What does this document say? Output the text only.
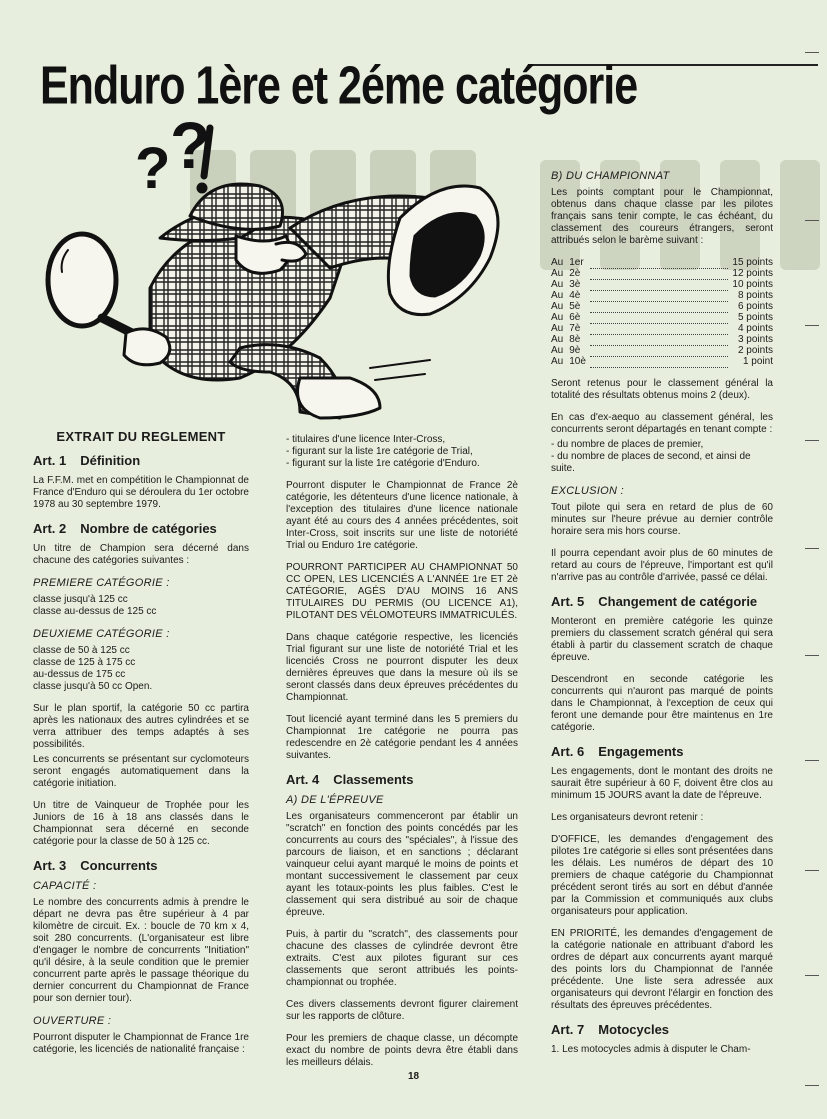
Enduro 1ère et 2éme catégorie
? ?
EXTRAIT DU REGLEMENT
Art. 1 Définition

La F.F.M. met en compétition le Championnat de France d'Enduro qui se déroulera du 1er octobre 1978 au 30 septembre 1979.

Art. 2 Nombre de catégories

Un titre de Champion sera décerné dans chacune des catégories suivantes :

PREMIERE CATÉGORIE :
classe jusqu'à 125 cc
classe au-dessus de 125 cc
DEUXIEME CATÉGORIE :
classe de 50 à 125 cc
classe de 125 à 175 cc
au-dessus de 175 cc
classe jusqu'à 50 cc Open.

Sur le plan sportif, la catégorie 50 cc partira après les nationaux des autres cylindrées et se verra attribuer des temps adaptés à ses possibilités.

Les concurrents se présentant sur cyclomoteurs seront engagés automatiquement dans la catégorie initiation.

Un titre de Vainqueur de Trophée pour les Juniors de 16 à 18 ans classés dans le Championnat sera décerné en seconde catégorie pour la classe de 50 à 125 cc.

Art. 3 Concurrents
CAPACITÉ :

Le nombre des concurrents admis à prendre le départ ne devra pas être supérieur à 4 par kilomètre de circuit. Ex. : boucle de 70 km x 4, soit 280 concurrents. (L'organisateur est libre d'engager le nombre de concurrents "Initiation" qu'il désire, à la seule condition que le premier concurrent parte après le passage théorique du dernier concurrent du Championnat de France pour son dernier tour).

OUVERTURE :

Pourront disputer le Championnat de France 1re catégorie, les licenciés de nationalité française :

- titulaires d'une licence Inter-Cross,
- figurant sur la liste 1re catégorie de Trial,
- figurant sur la liste 1re catégorie d'Enduro.

Pourront disputer le Championnat de France 2è catégorie, les détenteurs d'une licence nationale, à l'exception des titulaires d'une licence nationale ayant été au cours des 4 années précédentes, soit Inter-Cross, soit inscrits sur une liste de notoriété Trial ou Enduro 1re catégorie.

POURRONT PARTICIPER AU CHAMPIONNAT 50 CC OPEN, LES LICENCIÉS A L'ANNÉE 1re ET 2è CATÉGORIE, AGÉS D'AU MOINS 16 ANS TITULAIRES DU PERMIS (OU LICENCE A1), PILOTANT DES VÉLOMOTEURS IMMATRICULÉS.

Dans chaque catégorie respective, les licenciés Trial figurant sur une liste de notoriété Trial et les licenciés Cross ne pourront disputer les deux dernières épreuves que dans la mesure où ils se seront classés dans deux épreuves précédentes du Championnat.

Tout licencié ayant terminé dans les 5 premiers du Championnat 1re catégorie ne pourra pas redescendre en 2è catégorie pendant les 4 années suivantes.

Art. 4 Classements
A) DE L'ÉPREUVE

Les organisateurs commenceront par établir un "scratch" en fonction des points concédés par les concurrents au cours des "spéciales", à l'issue des parcours de liaison, et en sanctions ; déclarant vainqueur celui ayant marqué le moins de points et montant successivement le classement par ceux ayant les totaux-points les plus faibles. C'est le classement qui sera distribué au soir de chaque épreuve.

Puis, à partir du "scratch", des classements pour chacune des classes de cylindrée devront être extraits. C'est aux pilotes figurant sur ces classements que seront attribués les points-championnat ou trophée.

Ces divers classements devront figurer clairement sur les rapports de clôture.

Pour les premiers de chaque classe, un décompte exact du nombre de points devra être établi dans les meilleurs délais.

B) DU CHAMPIONNAT

Les points comptant pour le Championnat, obtenus dans chaque classe par les pilotes français sans tenir compte, le cas échéant, du classement des coureurs étrangers, seront attribués selon le barème suivant :

Au	1er		15 points
Au	2è		12 points
Au	3è		10 points
Au	4è		8 points
Au	5è		6 points
Au	6è		5 points
Au	7è		4 points
Au	8è		3 points
Au	9è		2 points
Au	10è		1 point

Seront retenus pour le classement général la totalité des résultats obtenus moins 2 (deux).

En cas d'ex-aequo au classement général, les concurrents seront départagés en tenant compte :

- du nombre de places de premier,
- du nombre de places de second, et ainsi de suite.
EXCLUSION :

Tout pilote qui sera en retard de plus de 60 minutes sur l'heure prévue au dernier contrôle horaire sera mis hors course.

Il pourra cependant avoir plus de 60 minutes de retard au cours de l'épreuve, l'important est qu'il n'arrive pas au contrôle d'arrivée, passé ce délai.

Art. 5 Changement de catégorie

Monteront en première catégorie les quinze premiers du classement scratch général qui sera établi à partir du classement scratch de chaque épreuve.

Descendront en seconde catégorie les concurrents qui n'auront pas marqué de points dans le Championnat, à l'exception de ceux qui feront une demande pour être maintenus en 1re catégorie.

Art. 6 Engagements

Les engagements, dont le montant des droits ne saurait être supérieur à 60 F, doivent être clos au minimum 15 JOURS avant la date de l'épreuve.

Les organisateurs devront retenir :

D'OFFICE, les demandes d'engagement des pilotes 1re catégorie si elles sont présentées dans les délais. Les numéros de départ des 10 premiers de chaque catégorie du Championnat précédent seront tirés au sort en début d'année par la Commission et communiqués aux clubs organisateurs pour application.

EN PRIORITÉ, les demandes d'engagement de la catégorie nationale en attribuant d'abord les ordres de départ aux concurrents ayant marqué des points lors du Championnat de l'année précédente. Une liste sera adressée aux organisateurs qui devront l'élargir en fonction des résultats des épreuves précédentes.

Art. 7 Motocycles

1. Les motocycles admis à disputer le Cham-

18
